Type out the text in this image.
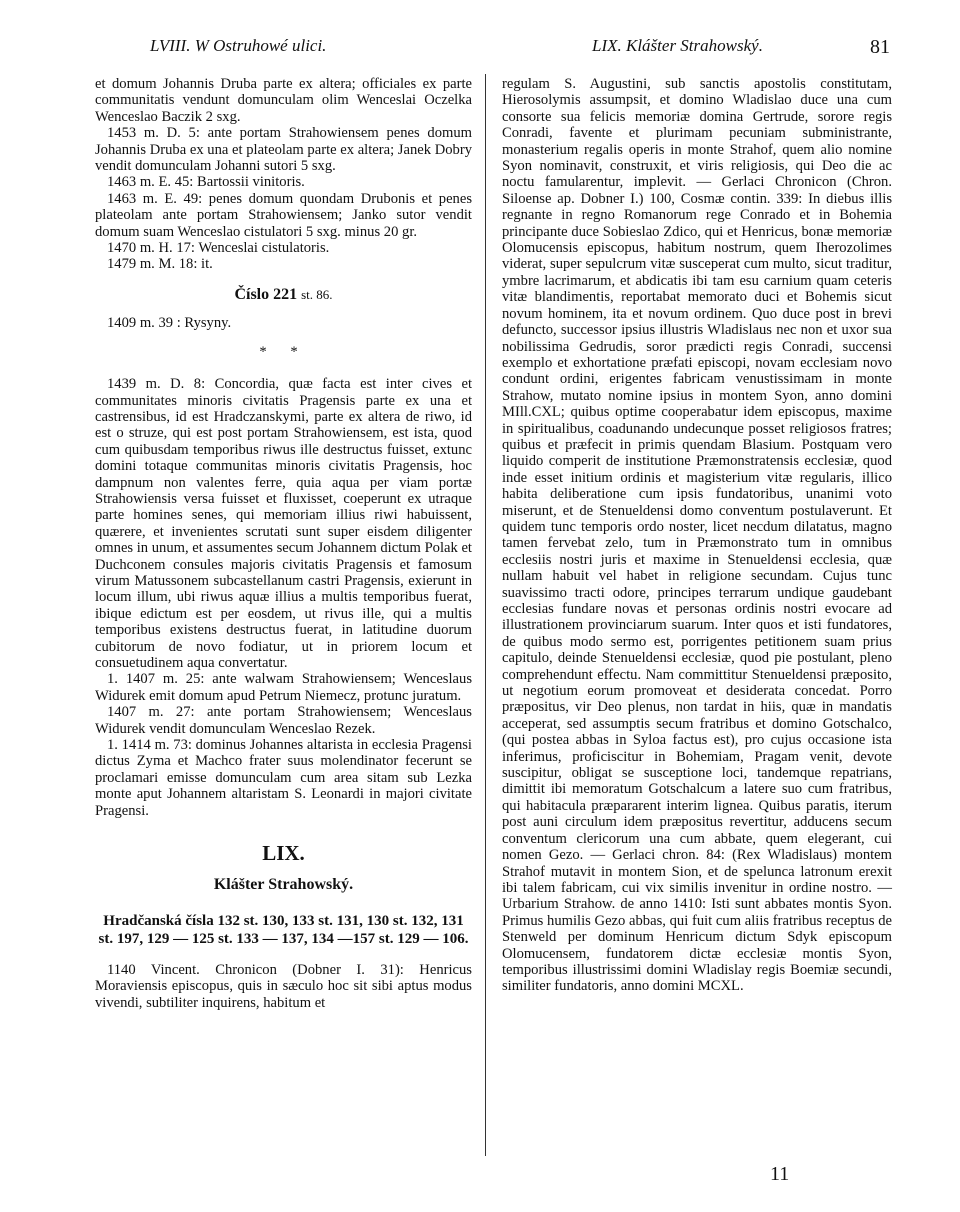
LVIII. W Ostruhowé ulici.	LIX. Klášter Strahowský.	81

et domum Johannis Druba parte ex altera; officiales ex parte communitatis vendunt domunculam olim Wenceslai Oczelka Wenceslao Baczik 2 sxg.

1453 m. D. 5: ante portam Strahowiensem penes domum Johannis Druba ex una et plateolam parte ex altera; Janek Dobry vendit domunculam Johanni sutori 5 sxg.

1463 m. E. 45: Bartossii vinitoris.

1463 m. E. 49: penes domum quondam Drubonis et penes plateolam ante portam Strahowiensem; Janko sutor vendit domum suam Wenceslao cistulatori 5 sxg. minus 20 gr.

1470 m. H. 17: Wenceslai cistulatoris.

1479 m. M. 18: it.

Číslo 221 st. 86.

1409 m. 39 : Rysyny.

* *

1439 m. D. 8: Concordia, quæ facta est inter cives et communitates minoris civitatis Pragensis parte ex una et castrensibus, id est Hradczanskymi, parte ex altera de riwo, id est o struze, qui est post portam Strahowiensem, est ista, quod cum quibusdam temporibus riwus ille destructus fuisset, extunc domini totaque communitas minoris civitatis Pragensis, hoc dampnum non valentes ferre, quia aqua per viam portæ Strahowiensis versa fuisset et fluxisset, coeperunt ex utraque parte homines senes, qui memoriam illius riwi habuissent, quærere, et invenientes scrutati sunt super eisdem diligenter omnes in unum, et assumentes secum Johannem dictum Polak et Duchconem consules majoris civitatis Pragensis et famosum virum Matussonem subcastellanum castri Pragensis, exierunt in locum illum, ubi riwus aquæ illius a multis temporibus fuerat, ibique edictum est per eosdem, ut rivus ille, qui a multis temporibus existens destructus fuerat, in latitudine duorum cubitorum de novo fodiatur, ut in priorem locum et consuetudinem aqua convertatur.

1. 1407 m. 25: ante walwam Strahowiensem; Wenceslaus Widurek emit domum apud Petrum Niemecz, protunc juratum.

1407 m. 27: ante portam Strahowiensem; Wenceslaus Widurek vendit domunculam Wenceslao Rezek.

1. 1414 m. 73: dominus Johannes altarista in ecclesia Pragensi dictus Zyma et Machco frater suus molendinator fecerunt se proclamari emisse domunculam cum area sitam sub Lezka monte aput Johannem altaristam S. Leonardi in majori civitate Pragensi.

LIX.

Klášter Strahowský.

Hradčanská čísla 132 st. 130, 133 st. 131, 130 st. 132, 131 st. 197, 129 — 125 st. 133 — 137, 134 —157 st. 129 — 106.

1140 Vincent. Chronicon (Dobner I. 31): Henricus Moraviensis episcopus, quis in sæculo hoc sit sibi aptus modus vivendi, subtiliter inquirens, habitum et

regulam S. Augustini, sub sanctis apostolis constitutam, Hierosolymis assumpsit, et domino Wladislao duce una cum consorte sua felicis memoriæ domina Gertrude, sorore regis Conradi, favente et plurimam pecuniam subministrante, monasterium regalis operis in monte Strahof, quem alio nomine Syon nominavit, construxit, et viris religiosis, qui Deo die ac noctu famularentur, implevit. — Gerlaci Chronicon (Chron. Siloense ap. Dobner I.) 100, Cosmæ contin. 339: In diebus illis regnante in regno Romanorum rege Conrado et in Bohemia principante duce Sobieslao Zdico, qui et Henricus, bonæ memoriæ Olomucensis episcopus, habitum nostrum, quem Iherozolimes viderat, super sepulcrum vitæ susceperat cum multo, sicut traditur, ymbre lacrimarum, et abdicatis ibi tam esu carnium quam ceteris vitæ blandimentis, reportabat memorato duci et Bohemis sicut novum hominem, ita et novum ordinem. Quo duce post in brevi defuncto, successor ipsius illustris Wladislaus nec non et uxor sua nobilissima Gedrudis, soror prædicti regis Conradi, succensi exemplo et exhortatione præfati episcopi, novam ecclesiam novo condunt ordini, erigentes fabricam venustissimam in monte Strahow, mutato nomine ipsius in montem Syon, anno domini MIll.CXL; quibus optime cooperabatur idem episcopus, maxime in spiritualibus, coadunando undecunque posset religiosos fratres; quibus et præfecit in primis quendam Blasium. Postquam vero liquido comperit de institutione Præmonstratensis ecclesiæ, quod inde esset initium ordinis et magisterium vitæ regularis, illico habita deliberatione cum ipsis fundatoribus, unanimi voto miserunt, et de Stenueldensi domo conventum postulaverunt. Et quidem tunc temporis ordo noster, licet necdum dilatatus, magno tamen fervebat zelo, tum in Præmonstrato tum in omnibus ecclesiis nostri juris et maxime in Stenueldensi ecclesia, quæ nullam habuit vel habet in religione secundam. Cujus tunc suavissimo tracti odore, principes terrarum undique gaudebant ecclesias fundare novas et personas ordinis nostri evocare ad illustrationem provinciarum suarum. Inter quos et isti fundatores, de quibus modo sermo est, porrigentes petitionem suam prius capitulo, deinde Stenueldensi ecclesiæ, quod pie postulant, pleno comprehendunt effectu. Nam committitur Stenueldensi præposito, ut negotium eorum promoveat et desiderata concedat. Porro præpositus, vir Deo plenus, non tardat in hiis, quæ in mandatis acceperat, sed assumptis secum fratribus et domino Gotschalco, (qui postea abbas in Syloa factus est), pro cujus occasione ista inferimus, proficiscitur in Bohemiam, Pragam venit, devote suscipitur, obligat se susceptione loci, tandemque repatrians, dimittit ibi memoratum Gotschalcum a latere suo cum fratribus, qui habitacula præpararent interim lignea. Quibus paratis, iterum post auni circulum idem præpositus revertitur, adducens secum conventum clericorum una cum abbate, quem elegerant, cui nomen Gezo. — Gerlaci chron. 84: (Rex Wladislaus) montem Strahof mutavit in montem Sion, et de spelunca latronum erexit ibi talem fabricam, cui vix similis invenitur in ordine nostro. — Urbarium Strahow. de anno 1410: Isti sunt abbates montis Syon. Primus humilis Gezo abbas, qui fuit cum aliis fratribus receptus de Stenweld per dominum Henricum dictum Sdyk episcopum Olomucensem, fundatorem dictæ ecclesiæ montis Syon, temporibus illustrissimi domini Wladislay regis Boemiæ secundi, similiter fundatoris, anno domini MCXL.

11
